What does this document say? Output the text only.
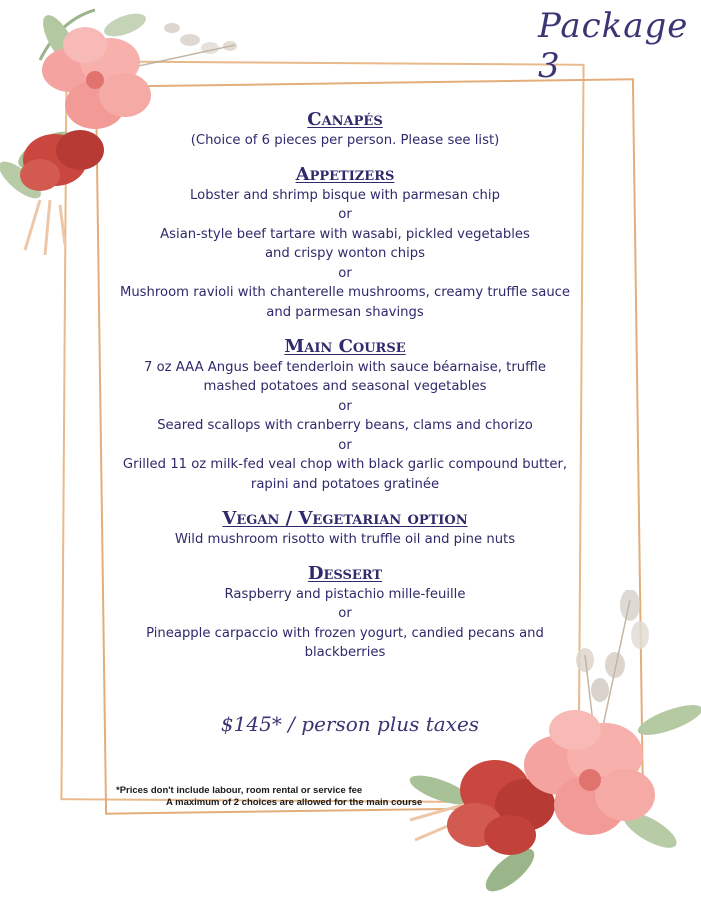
Package 3
Canapés
(Choice of 6 pieces per person. Please see list)
Appetizers
Lobster and shrimp bisque with parmesan chip
or
Asian-style beef tartare with wasabi, pickled vegetables
and crispy wonton chips
or
Mushroom ravioli with chanterelle mushrooms, creamy truffle sauce
and parmesan shavings
Main Course
7 oz AAA Angus beef tenderloin with sauce béarnaise, truffle
mashed potatoes and seasonal vegetables
or
Seared scallops with cranberry beans, clams and chorizo
or
Grilled 11 oz milk-fed veal chop with black garlic compound butter,
rapini and potatoes gratinée
Vegan / Vegetarian option
Wild mushroom risotto with truffle oil and pine nuts
Dessert
Raspberry and pistachio mille-feuille
or
Pineapple carpaccio with frozen yogurt, candied pecans and
blackberries
$145* / person plus taxes
*Prices don't include labour, room rental or service fee
A maximum of 2 choices are allowed for the main course
